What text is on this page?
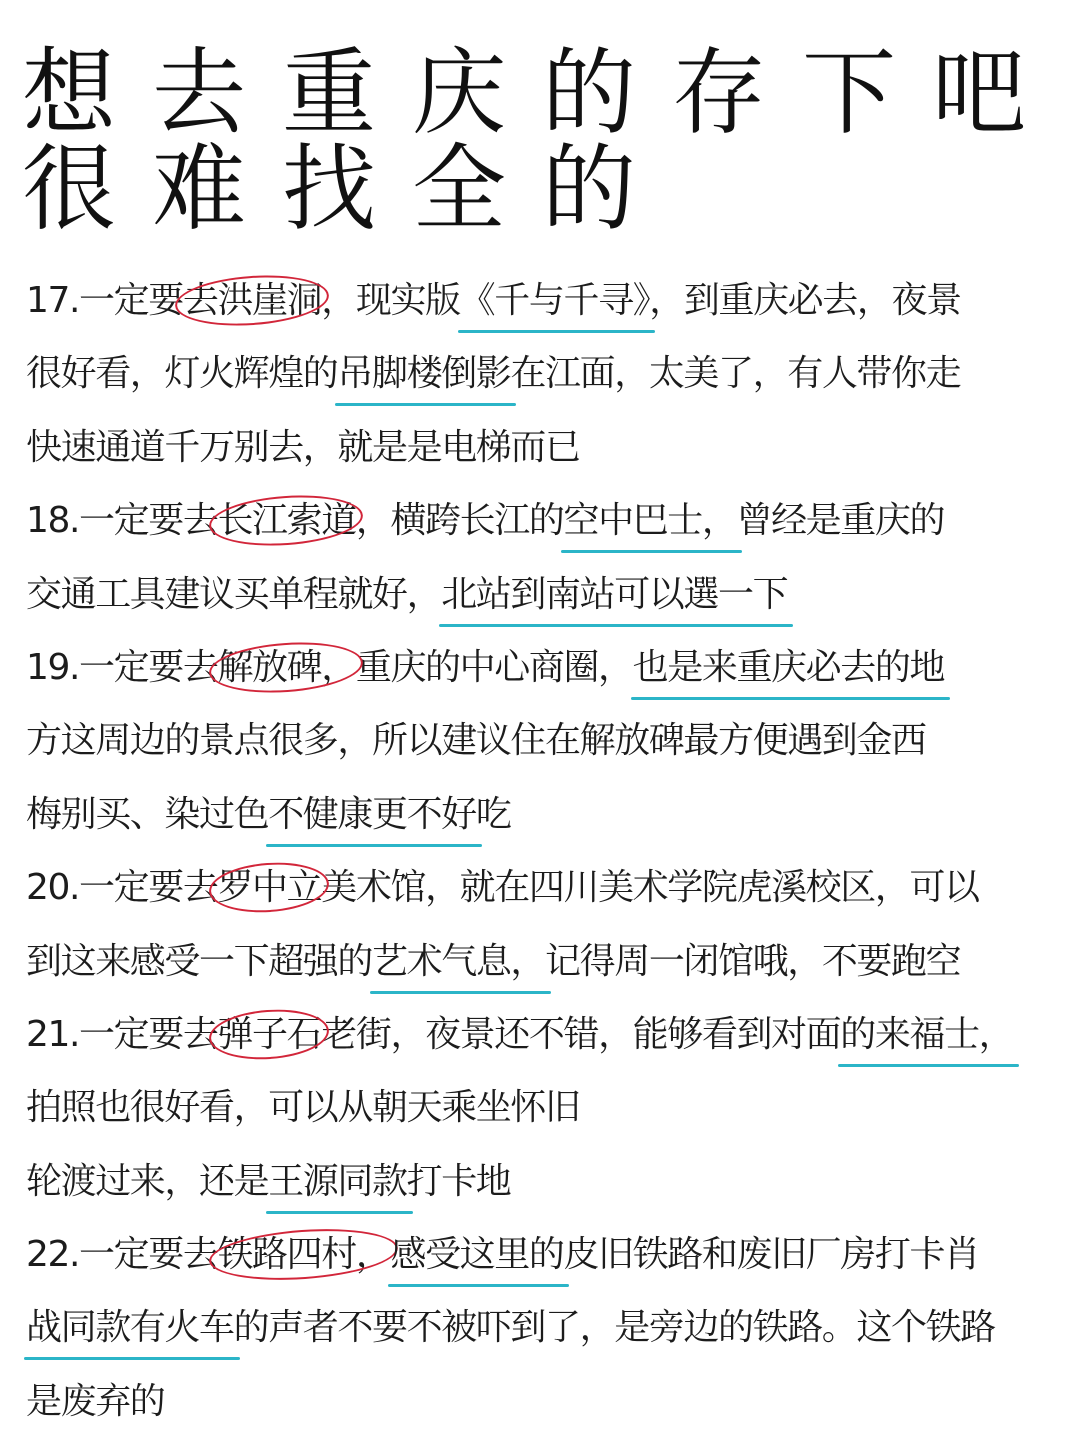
想去重庆的存下吧
很难找全的
17.一定要去洪崖洞，现实版《千与千寻》，到重庆必去，夜景
很好看，灯火辉煌的吊脚楼倒影在江面，太美了，有人带你走
快速通道千万别去，就是是电梯而已
18.一定要去长江索道，横跨长江的空中巴士，曾经是重庆的
交通工具建议买单程就好，北站到南站可以選一下
19.一定要去解放碑，重庆的中心商圈，也是来重庆必去的地
方这周边的景点很多，所以建议住在解放碑最方便遇到金西
梅别买、染过色不健康更不好吃
20.一定要去罗中立美术馆，就在四川美术学院虎溪校区，可以
到这来感受一下超强的艺术气息，记得周一闭馆哦，不要跑空
21.一定要去弹子石老街，夜景还不错，能够看到对面的来福士，
拍照也很好看，可以从朝天乘坐怀旧
轮渡过来，还是王源同款打卡地
22.一定要去铁路四村，感受这里的皮旧铁路和废旧厂房打卡肖
战同款有火车的声者不要不被吓到了，是旁边的铁路。这个铁路
是废弃的
